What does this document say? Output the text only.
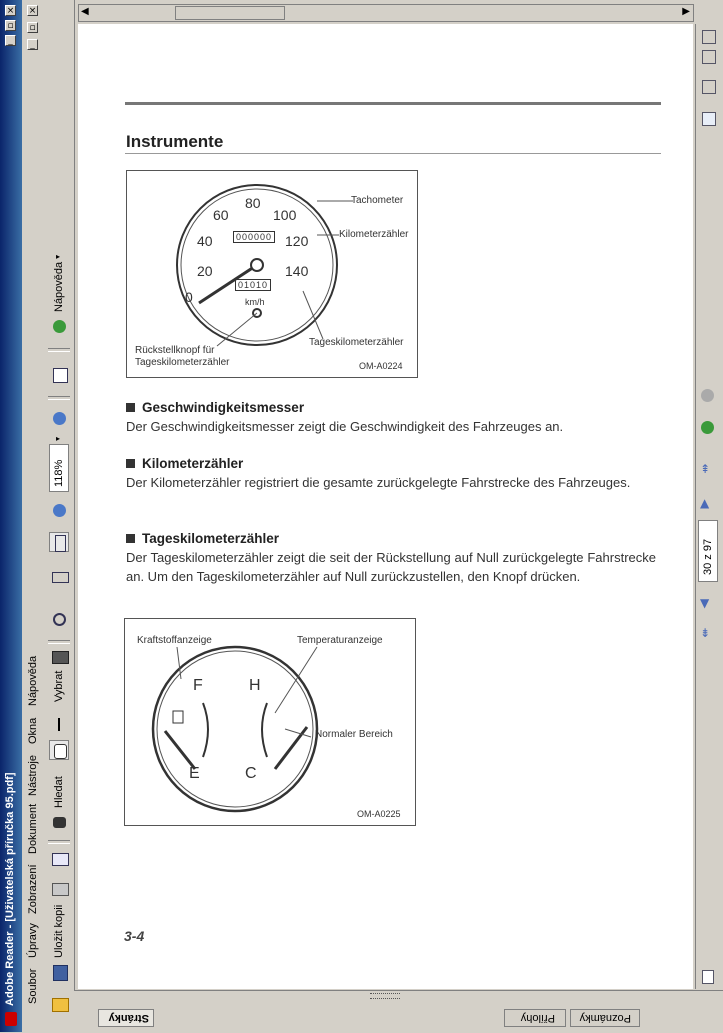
×
▫
_
Adobe Reader - [Uživatelská příručka 95.pdf]
×
▫
_
Soubor
Úpravy
Zobrazení
Dokument
Nástroje
Okna
Nápověda
Uložit kopii
Hledat
Vybrat
118%
▸
Nápověda
▸
◀	▶
Instrumente
0
20
40
60
80
100
120
140
000000
01010
km/h
Tachometer
Kilometerzähler
Tageskilometerzähler
Rückstellknopf für
Tageskilometerzähler	OM-A0224
Geschwindigkeitsmesser
Der Geschwindigkeitsmesser zeigt die Geschwindigkeit des Fahrzeuges an.
Kilometerzähler
Der Kilometerzähler registriert die gesamte zurückgelegte Fahrstrecke des Fahrzeuges.
Tageskilometerzähler
Der Tageskilometerzähler zeigt die seit der Rückstellung auf Null zurückgelegte Fahrstrecke an. Um den Tageskilometerzähler auf Null zurückzustellen, den Knopf drücken.
Kraftstoffanzeige	Temperaturanzeige
Normaler Bereich
F
E
H
C
OM-A0225
3-4
⇞
▲
30 z 97
▼
⇟
Stránky	Přílohy Poznámky
